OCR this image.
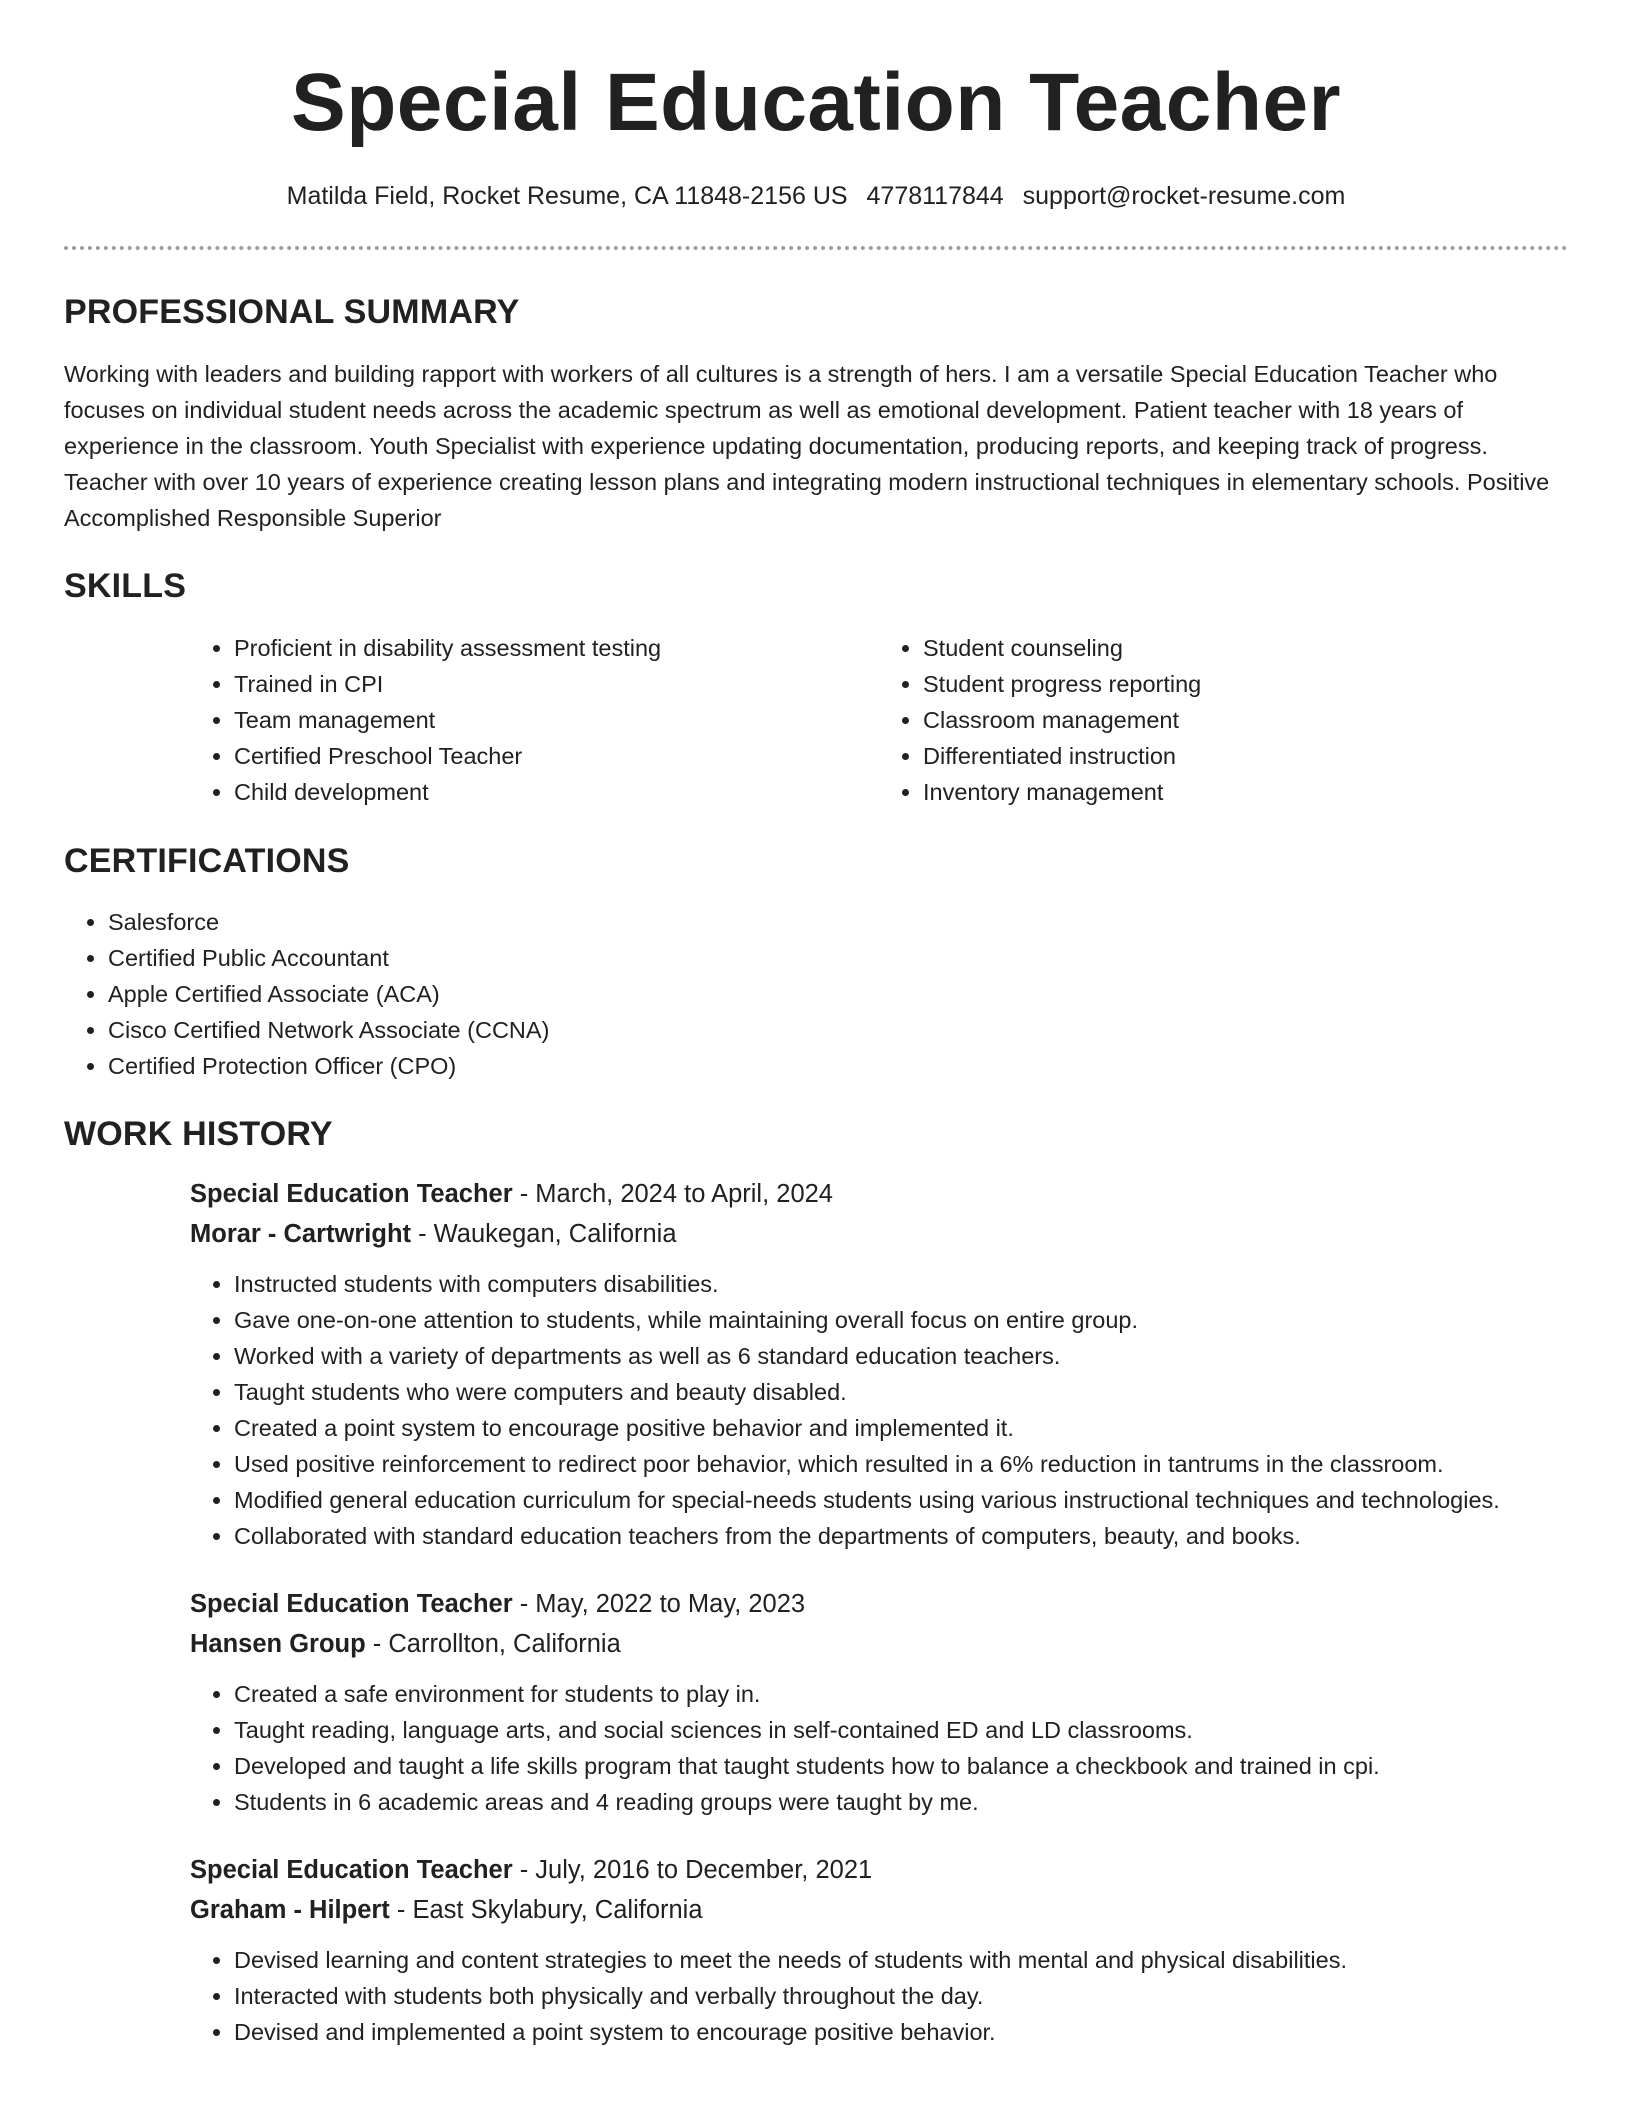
Special Education Teacher
Matilda Field, Rocket Resume, CA 11848-2156 US 4778117844 support@rocket-resume.com
PROFESSIONAL SUMMARY

Working with leaders and building rapport with workers of all cultures is a strength of hers. I am a versatile Special Education Teacher who focuses on individual student needs across the academic spectrum as well as emotional development. Patient teacher with 18 years of experience in the classroom. Youth Specialist with experience updating documentation, producing reports, and keeping track of progress. Teacher with over 10 years of experience creating lesson plans and integrating modern instructional techniques in elementary schools. Positive Accomplished Responsible Superior

SKILLS
• Proficient in disability assessment testing
• Trained in CPI
• Team management
• Certified Preschool Teacher
• Child development
• Student counseling
• Student progress reporting
• Classroom management
• Differentiated instruction
• Inventory management
CERTIFICATIONS
• Salesforce
• Certified Public Accountant
• Apple Certified Associate (ACA)
• Cisco Certified Network Associate (CCNA)
• Certified Protection Officer (CPO)
WORK HISTORY

Special Education Teacher - March, 2024 to April, 2024

Morar - Cartwright - Waukegan, California

• Instructed students with computers disabilities.
• Gave one-on-one attention to students, while maintaining overall focus on entire group.
• Worked with a variety of departments as well as 6 standard education teachers.
• Taught students who were computers and beauty disabled.
• Created a point system to encourage positive behavior and implemented it.
• Used positive reinforcement to redirect poor behavior, which resulted in a 6% reduction in tantrums in the classroom.
• Modified general education curriculum for special-needs students using various instructional techniques and technologies.
• Collaborated with standard education teachers from the departments of computers, beauty, and books.

Special Education Teacher - May, 2022 to May, 2023

Hansen Group - Carrollton, California

• Created a safe environment for students to play in.
• Taught reading, language arts, and social sciences in self-contained ED and LD classrooms.
• Developed and taught a life skills program that taught students how to balance a checkbook and trained in cpi.
• Students in 6 academic areas and 4 reading groups were taught by me.

Special Education Teacher - July, 2016 to December, 2021

Graham - Hilpert - East Skylabury, California

• Devised learning and content strategies to meet the needs of students with mental and physical disabilities.
• Interacted with students both physically and verbally throughout the day.
• Devised and implemented a point system to encourage positive behavior.
